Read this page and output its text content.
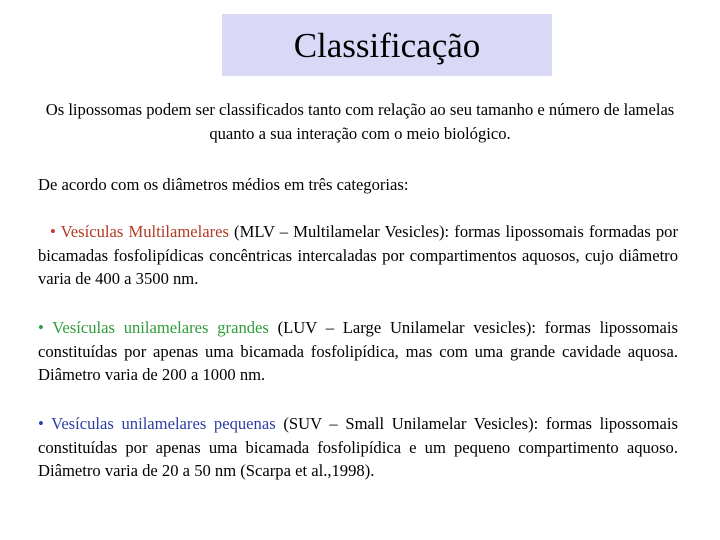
Classificação

Os lipossomas podem ser classificados tanto com relação ao seu tamanho e número de lamelas quanto a sua interação com o meio biológico.

De acordo com os diâmetros médios em três categorias:

• Vesículas Multilamelares (MLV – Multilamelar Vesicles): formas lipossomais formadas por bicamadas fosfolipídicas concêntricas intercaladas por compartimentos aquosos, cujo diâmetro varia de 400 a 3500 nm.

• Vesículas unilamelares grandes (LUV – Large Unilamelar vesicles): formas lipossomais constituídas por apenas uma bicamada fosfolipídica, mas com uma grande cavidade aquosa. Diâmetro varia de 200 a 1000 nm.

• Vesículas unilamelares pequenas (SUV – Small Unilamelar Vesicles): formas lipossomais constituídas por apenas uma bicamada fosfolipídica e um pequeno compartimento aquoso. Diâmetro varia de 20 a 50 nm (Scarpa et al.,1998).
